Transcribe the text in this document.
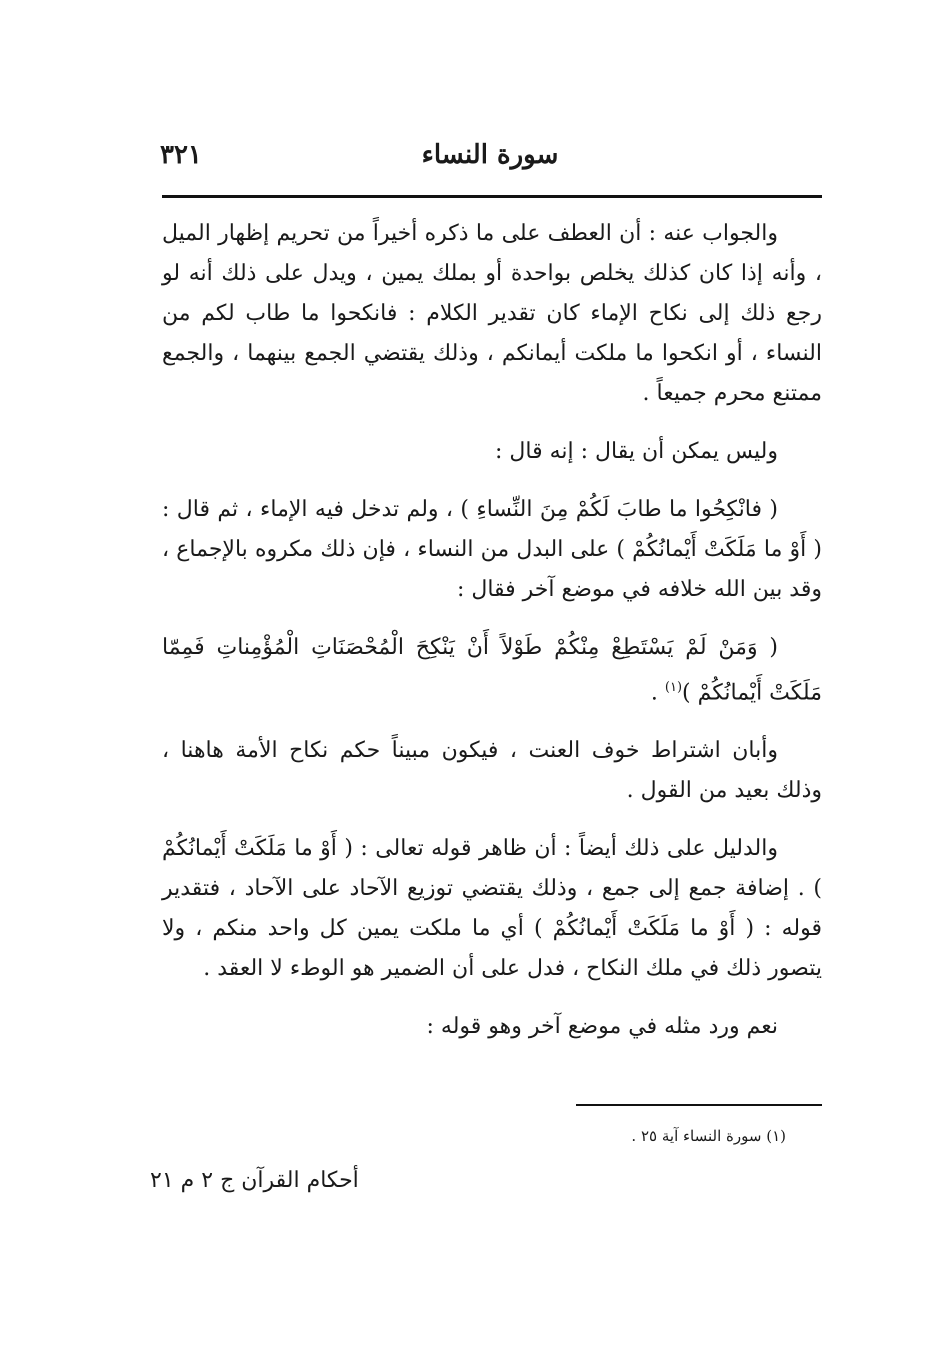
سورة النساء
٣٢١

والجواب عنه : أن العطف على ما ذكره أخيراً من تحريم إظهار الميل ، وأنه إذا كان كذلك يخلص بواحدة أو بملك يمين ، ويدل على ذلك أنه لو رجع ذلك إلى نكاح الإماء كان تقدير الكلام : فانكحوا ما طاب لكم من النساء ، أو انكحوا ما ملكت أيمانكم ، وذلك يقتضي الجمع بينهما ، والجمع ممتنع محرم جميعاً .

وليس يمكن أن يقال : إنه قال :

( فانْكِحُوا ما طابَ لَكُمْ مِنَ النِّساءِ ) ، ولم تدخل فيه الإماء ، ثم قال : ( أَوْ ما مَلَكَتْ أَيْمانُكُمْ ) على البدل من النساء ، فإن ذلك مكروه بالإجماع ، وقد بين الله خلافه في موضع آخر فقال :

( وَمَنْ لَمْ يَسْتَطِعْ مِنْكُمْ طَوْلاً أَنْ يَنْكِحَ الْمُحْصَنَاتِ الْمُؤْمِناتِ فَمِمّا مَلَكَتْ أَيْمانُكُمْ )$^{(١)}$ .

وأبان اشتراط خوف العنت ، فيكون مبيناً حكم نكاح الأمة هاهنا ، وذلك بعيد من القول .

والدليل على ذلك أيضاً : أن ظاهر قوله تعالى : ( أَوْ ما مَلَكَتْ أَيْمانُكُمْ ) . إضافة جمع إلى جمع ، وذلك يقتضي توزيع الآحاد على الآحاد ، فتقدير قوله : ( أَوْ ما مَلَكَتْ أَيْمانُكُمْ ) أي ما ملكت يمين كل واحد منكم ، ولا يتصور ذلك في ملك النكاح ، فدل على أن الضمير هو الوطء لا العقد .

نعم ورد مثله في موضع آخر وهو قوله :

(١) سورة النساء آية ٢٥ .
أحكام القرآن ج ٢ م ٢١
